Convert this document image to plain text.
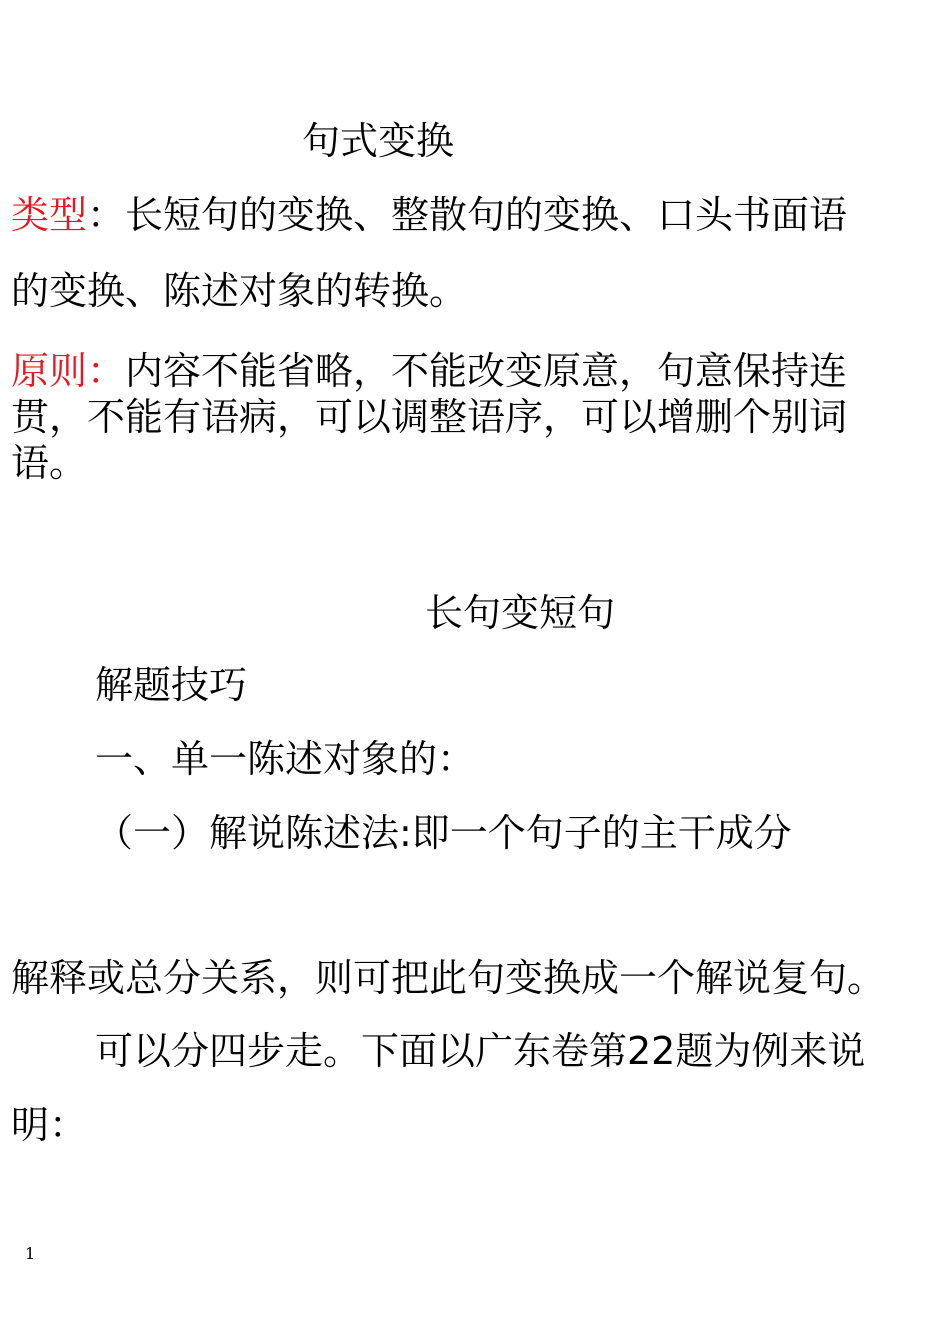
句式变换
类型：长短句的变换、整散句的变换、口头书面语
的变换、陈述对象的转换。
原则：内容不能省略，不能改变原意，句意保持连
贯，不能有语病，可以调整语序，可以增删个别词
语。
长句变短句
解题技巧
一、单一陈述对象的：
（一）解说陈述法:即一个句子的主干成分
解释或总分关系，则可把此句变换成一个解说复句。
可以分四步走。下面以广东卷第22题为例来说
明：
1
